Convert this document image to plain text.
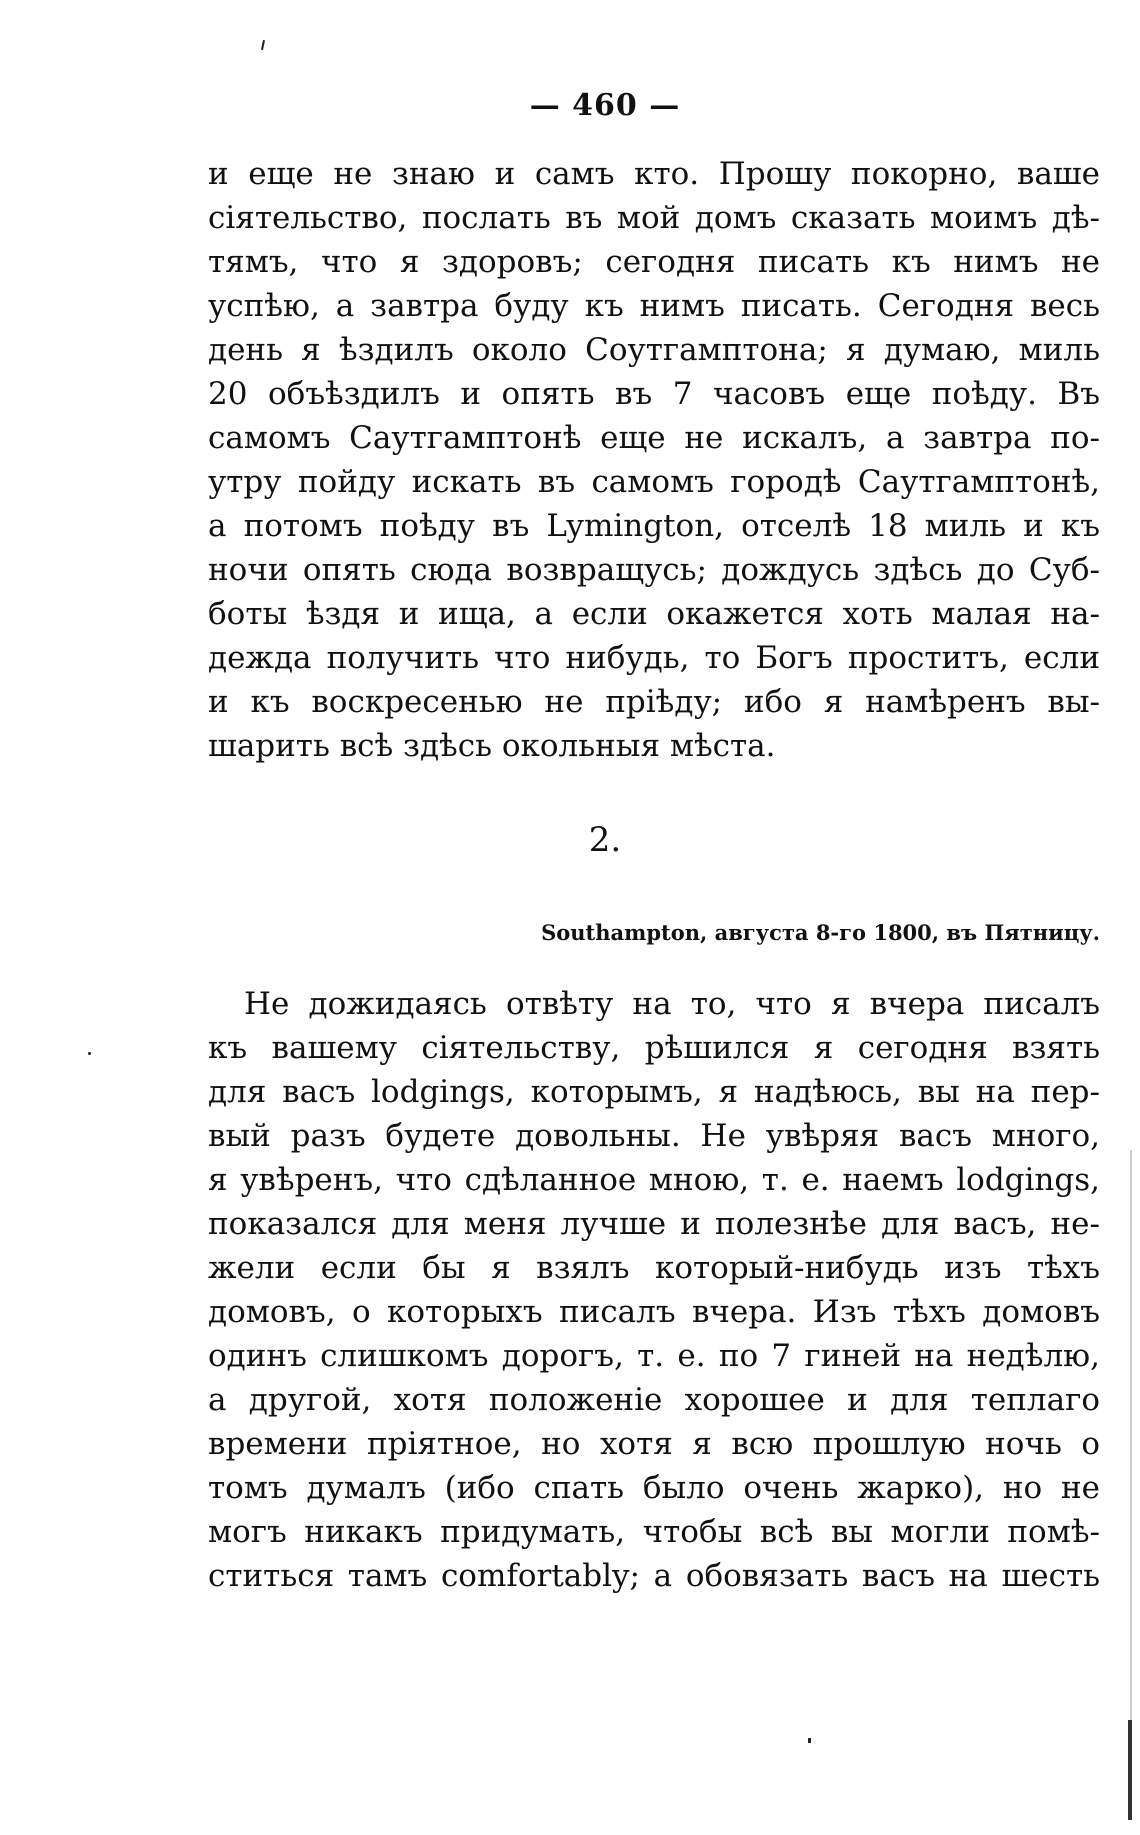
— 460 —
и еще не знаю и самъ кто. Прошу покорно, ваше
сіятельство, послать въ мой домъ сказать моимъ дѣ-
тямъ, что я здоровъ; сегодня писать къ нимъ не
успѣю, а завтра буду къ нимъ писать. Сегодня весь
день я ѣздилъ около Соутгамптона; я думаю, миль
20 объѣздилъ и опять въ 7 часовъ еще поѣду. Въ
самомъ Саутгамптонѣ еще не искалъ, а завтра по-
утру пойду искать въ самомъ городѣ Саутгамптонѣ,
а потомъ поѣду въ Lymington, отселѣ 18 миль и къ
ночи опять сюда возвращусь; дождусь здѣсь до Суб-
боты ѣздя и ища, а если окажется хоть малая на-
дежда получить что нибудь, то Богъ проститъ, если
и къ воскресенью не пріѣду; ибо я намѣренъ вы-
шарить всѣ здѣсь окольныя мѣста.
2.
Southampton, августа 8-го 1800, въ Пятницу.
Не дожидаясь отвѣту на то, что я вчера писалъ
къ вашему сіятельству, рѣшился я сегодня взять
для васъ lodgings, которымъ, я надѣюсь, вы на пер-
вый разъ будете довольны. Не увѣряя васъ много,
я увѣренъ, что сдѣланное мною, т. е. наемъ lodgings,
показался для меня лучше и полезнѣе для васъ, не-
жели если бы я взялъ который-нибудь изъ тѣхъ
домовъ, о которыхъ писалъ вчера. Изъ тѣхъ домовъ
одинъ слишкомъ дорогъ, т. е. по 7 гиней на недѣлю,
а другой, хотя положеніе хорошее и для теплаго
времени пріятное, но хотя я всю прошлую ночь о
томъ думалъ (ибо спать было очень жарко), но не
могъ никакъ придумать, чтобы всѣ вы могли помѣ-
ститься тамъ comfortably; а обовязать васъ на шесть
